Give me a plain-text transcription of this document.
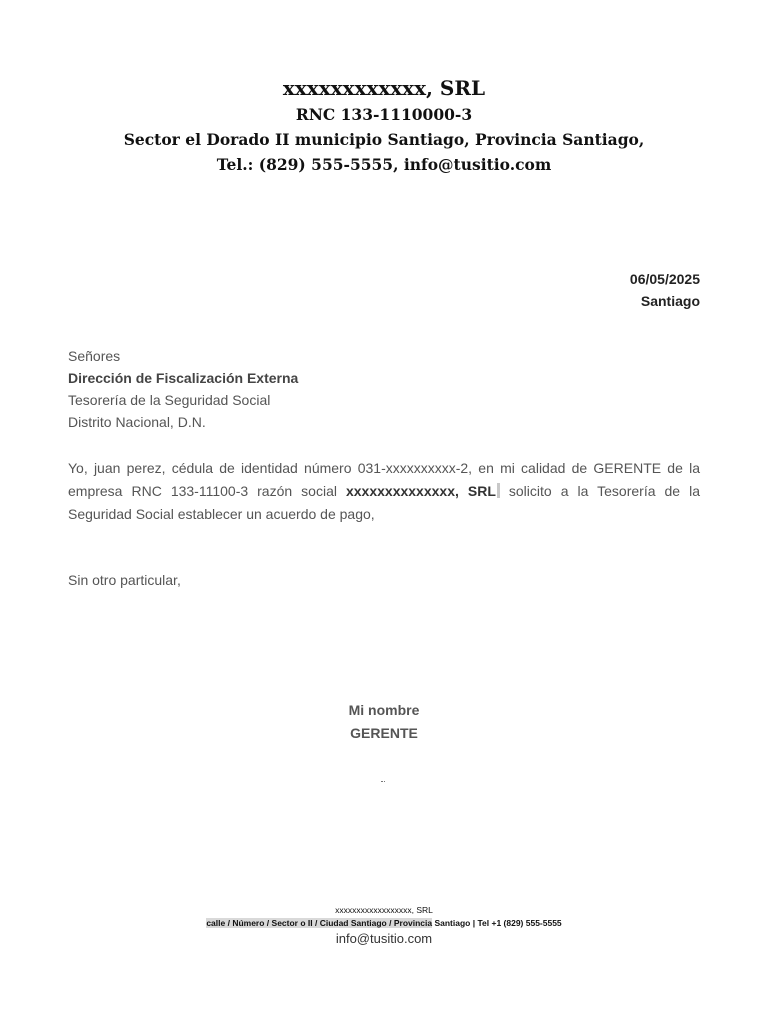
xxxxxxxxxxxx, SRL
RNC 133-1110000-3
Sector el Dorado II municipio Santiago, Provincia Santiago,
Tel.: (829) 555-5555, info@tusitio.com
06/05/2025
Santiago
Señores
Dirección de Fiscalización Externa
Tesorería de la Seguridad Social
Distrito Nacional, D.N.
Yo, juan perez, cédula de identidad número 031-xxxxxxxxxx-2, en mi calidad de GERENTE de la empresa RNC 133-11100-3 razón social xxxxxxxxxxxxxx, SRL solicito a la Tesorería de la Seguridad Social establecer un acuerdo de pago,
Sin otro particular,
Mi nombre
GERENTE
xxxxxxxxxxxxxxxxxx, SRL
calle / Número / Sector o II / Ciudad Santiago / Provincia Santiago | Tel +1 (829) 555-5555
info@tusitio.com
